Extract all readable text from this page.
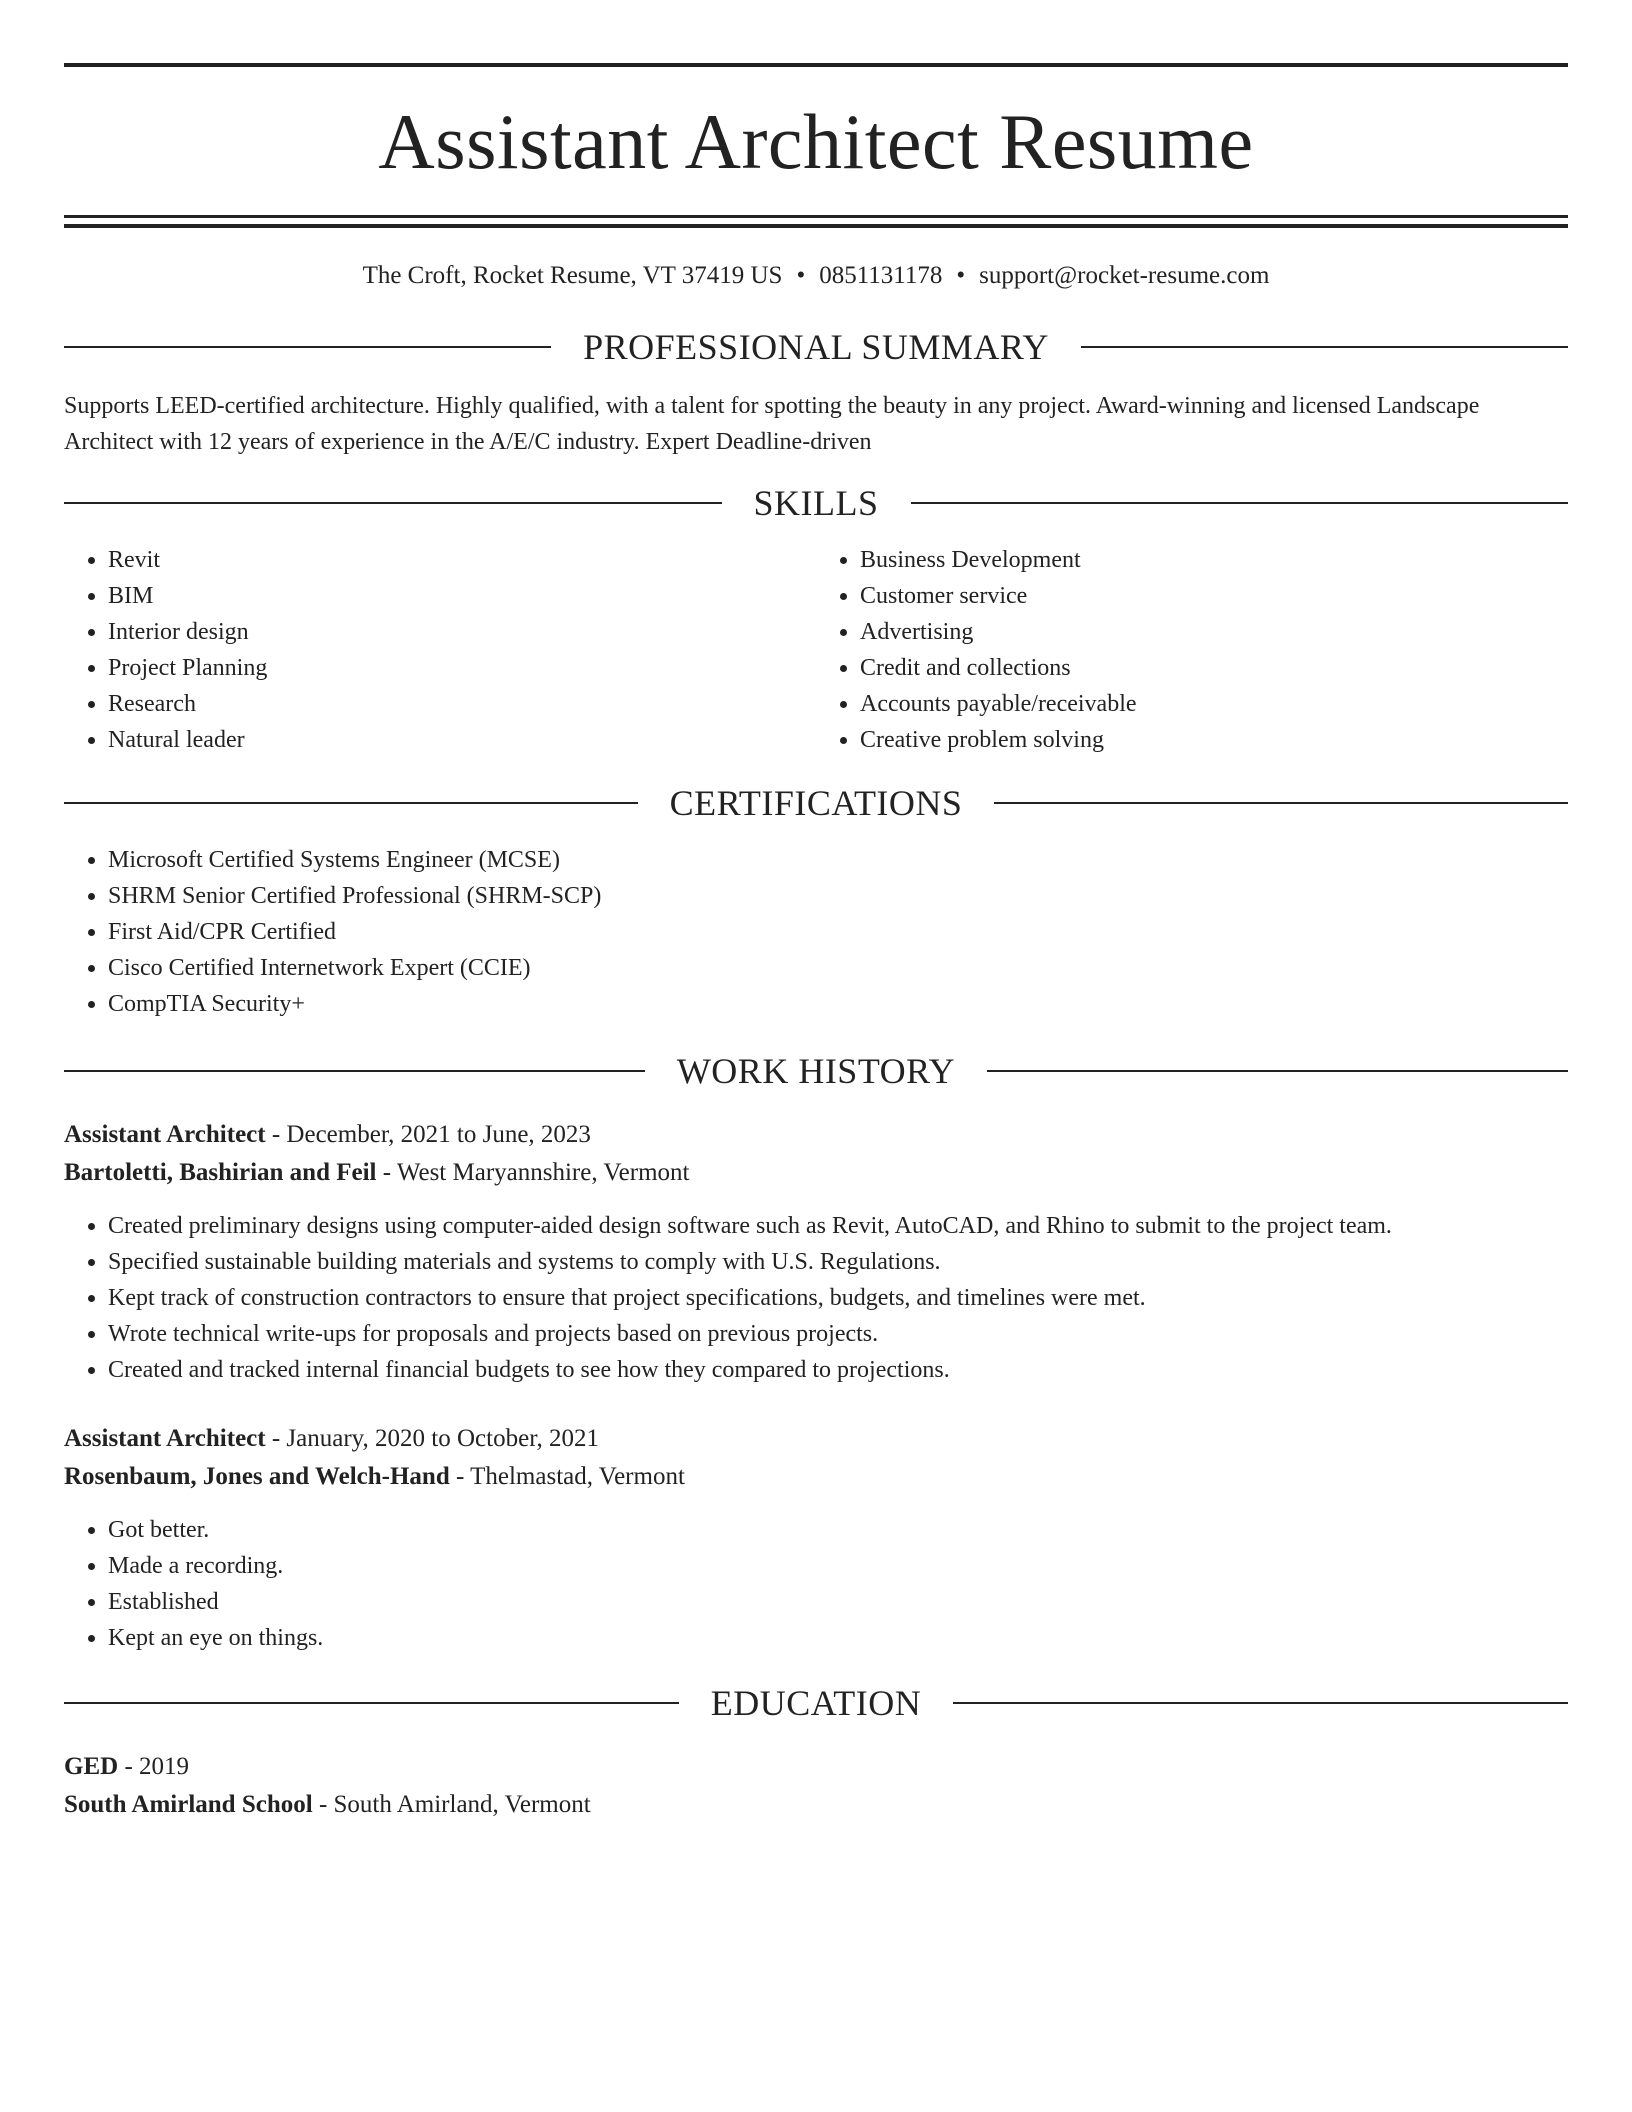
Assistant Architect Resume
The Croft, Rocket Resume, VT 37419 US • 0851131178 • support@rocket-resume.com
PROFESSIONAL SUMMARY
Supports LEED-certified architecture. Highly qualified, with a talent for spotting the beauty in any project. Award-winning and licensed Landscape Architect with 12 years of experience in the A/E/C industry. Expert Deadline-driven
SKILLS
• Revit
• BIM
• Interior design
• Project Planning
• Research
• Natural leader
• Business Development
• Customer service
• Advertising
• Credit and collections
• Accounts payable/receivable
• Creative problem solving
CERTIFICATIONS
• Microsoft Certified Systems Engineer (MCSE)
• SHRM Senior Certified Professional (SHRM-SCP)
• First Aid/CPR Certified
• Cisco Certified Internetwork Expert (CCIE)
• CompTIA Security+
WORK HISTORY
Assistant Architect - December, 2021 to June, 2023
Bartoletti, Bashirian and Feil - West Maryannshire, Vermont
• Created preliminary designs using computer-aided design software such as Revit, AutoCAD, and Rhino to submit to the project team.
• Specified sustainable building materials and systems to comply with U.S. Regulations.
• Kept track of construction contractors to ensure that project specifications, budgets, and timelines were met.
• Wrote technical write-ups for proposals and projects based on previous projects.
• Created and tracked internal financial budgets to see how they compared to projections.
Assistant Architect - January, 2020 to October, 2021
Rosenbaum, Jones and Welch-Hand - Thelmastad, Vermont
• Got better.
• Made a recording.
• Established
• Kept an eye on things.
EDUCATION
GED - 2019
South Amirland School - South Amirland, Vermont
